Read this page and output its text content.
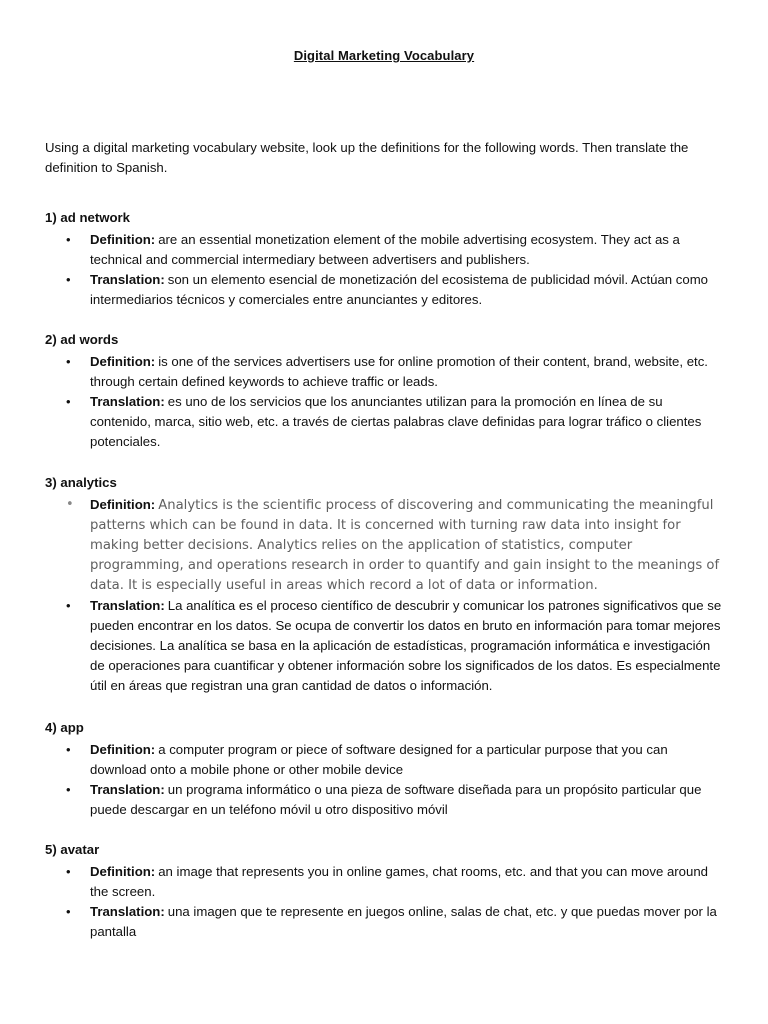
Digital Marketing Vocabulary
Using a digital marketing vocabulary website, look up the definitions for the following words. Then translate the definition to Spanish.
1) ad network
• Definition: are an essential monetization element of the mobile advertising ecosystem. They act as a technical and commercial intermediary between advertisers and publishers.
• Translation: son un elemento esencial de monetización del ecosistema de publicidad móvil. Actúan como intermediarios técnicos y comerciales entre anunciantes y editores.
2) ad words
• Definition: is one of the services advertisers use for online promotion of their content, brand, website, etc. through certain defined keywords to achieve traffic or leads.
• Translation: es uno de los servicios que los anunciantes utilizan para la promoción en línea de su contenido, marca, sitio web, etc. a través de ciertas palabras clave definidas para lograr tráfico o clientes potenciales.
3) analytics
• Definition: Analytics is the scientific process of discovering and communicating the meaningful patterns which can be found in data. It is concerned with turning raw data into insight for making better decisions. Analytics relies on the application of statistics, computer programming, and operations research in order to quantify and gain insight to the meanings of data. It is especially useful in areas which record a lot of data or information.
• Translation: La analítica es el proceso científico de descubrir y comunicar los patrones significativos que se pueden encontrar en los datos. Se ocupa de convertir los datos en bruto en información para tomar mejores decisiones. La analítica se basa en la aplicación de estadísticas, programación informática e investigación de operaciones para cuantificar y obtener información sobre los significados de los datos. Es especialmente útil en áreas que registran una gran cantidad de datos o información.
4) app
• Definition: a computer program or piece of software designed for a particular purpose that you can download onto a mobile phone or other mobile device
• Translation: un programa informático o una pieza de software diseñada para un propósito particular que puede descargar en un teléfono móvil u otro dispositivo móvil
5) avatar
• Definition: an image that represents you in online games, chat rooms, etc. and that you can move around the screen.
• Translation: una imagen que te represente en juegos online, salas de chat, etc. y que puedas mover por la pantalla
